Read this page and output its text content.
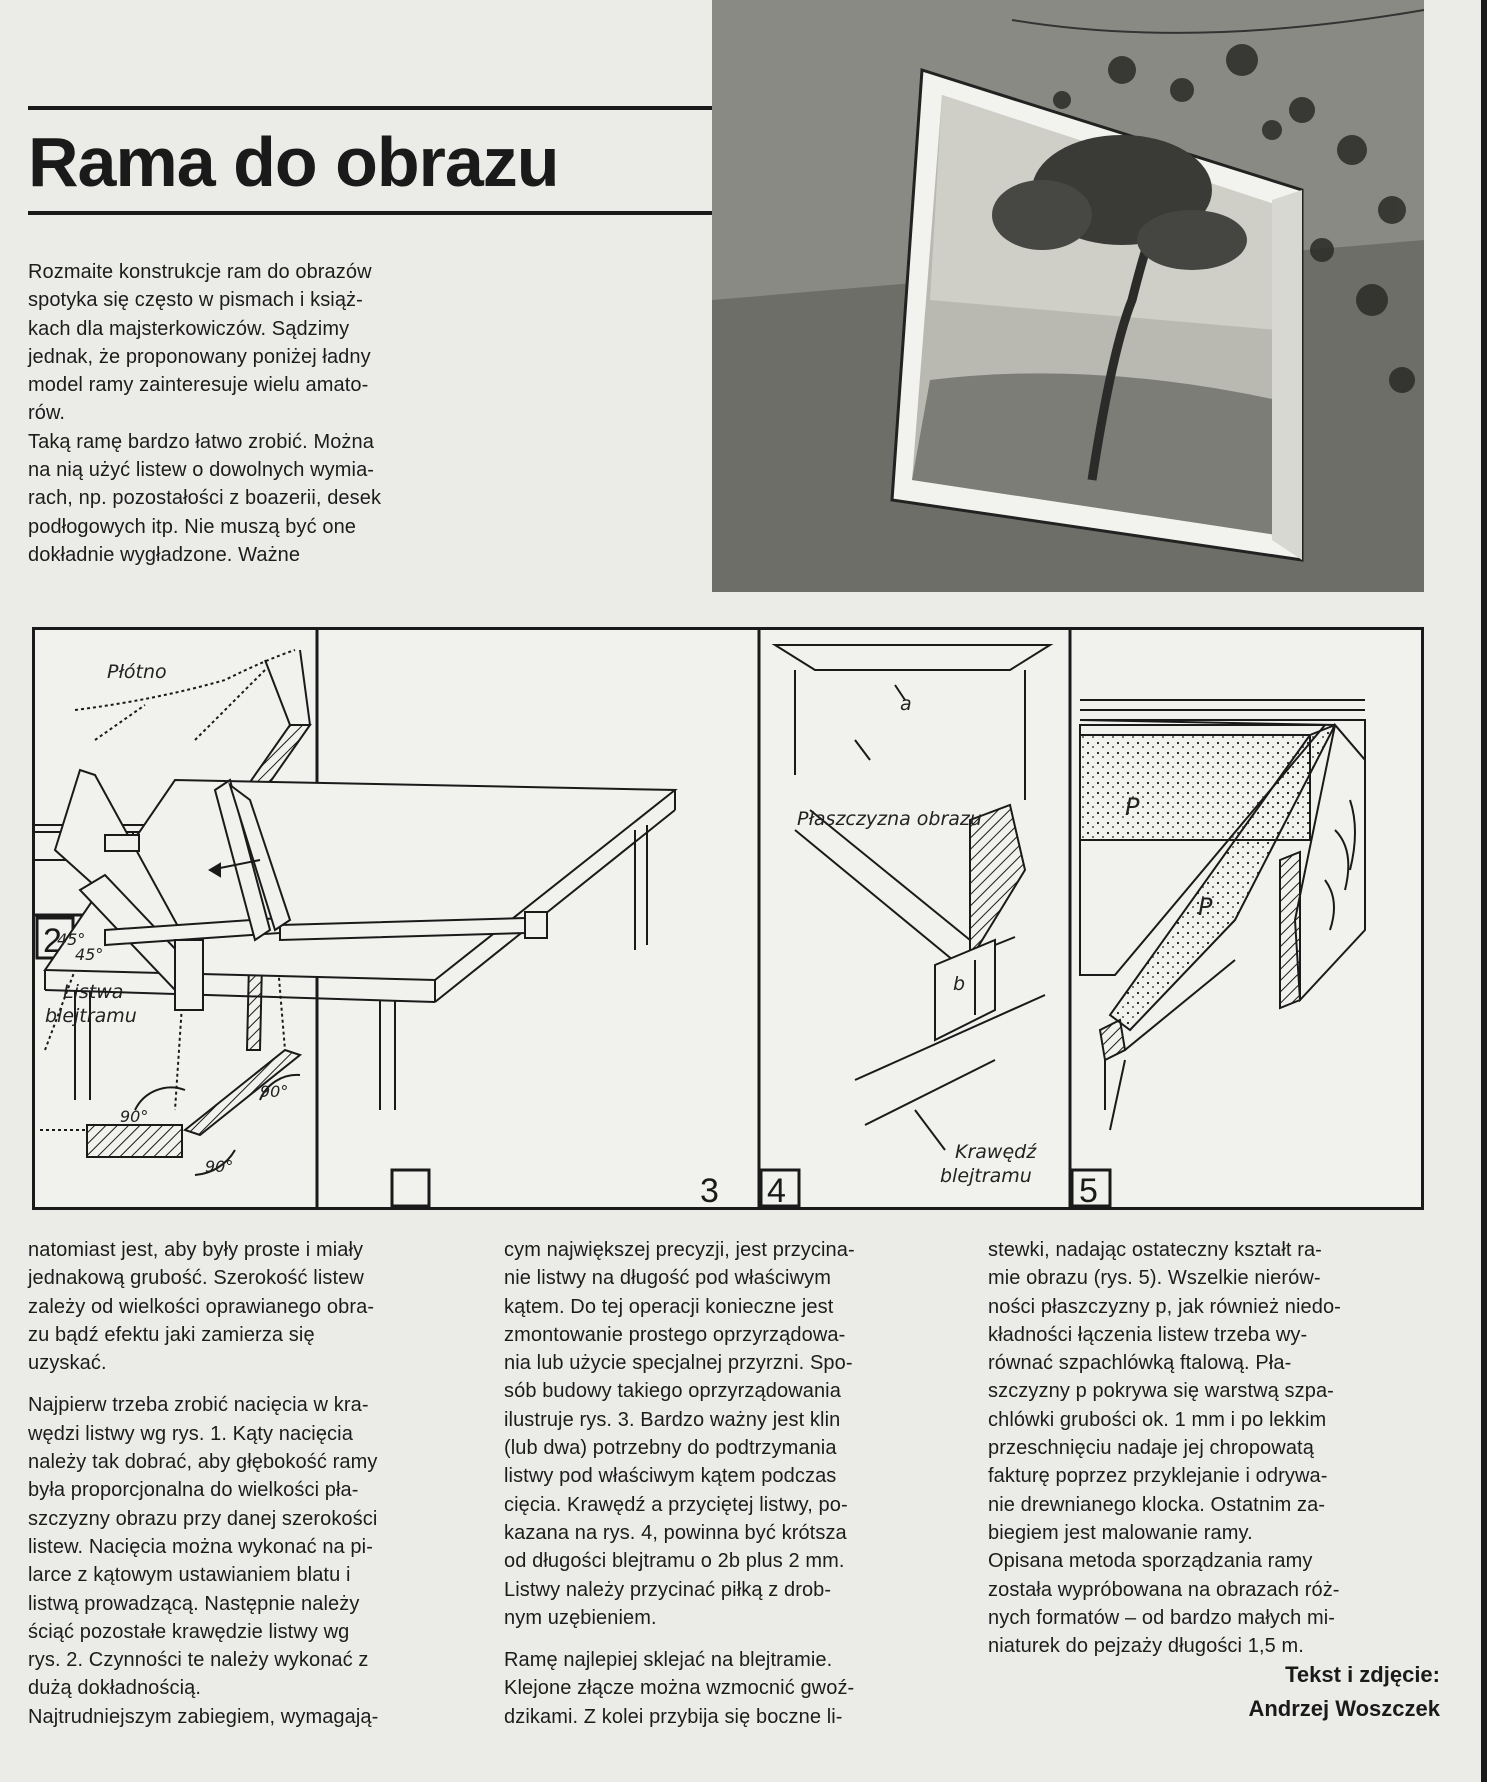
Rama do obrazu

Rozmaite konstrukcje ram do obrazów
spotyka się często w pismach i książ-
kach dla majsterkowiczów. Sądzimy
jednak, że proponowany poniżej ładny
model ramy zainteresuje wielu amato-
rów.

Taką ramę bardzo łatwo zrobić. Można
na nią użyć listew o dowolnych wymia-
rach, np. pozostałości z boazerii, desek
podłogowych itp. Nie muszą być one
dokładnie wygładzone. Ważne

Płótno
2
Listwa blejtramu
90°
90°
90°
45°
45°
3
a
Płaszczyzna obrazu
b
Krawędź blejtramu
4
P
P
5

natomiast jest, aby były proste i miały
jednakową grubość. Szerokość listew
zależy od wielkości oprawianego obra-
zu bądź efektu jaki zamierza się
uzyskać.

Najpierw trzeba zrobić nacięcia w kra-
wędzi listwy wg rys. 1. Kąty nacięcia
należy tak dobrać, aby głębokość ramy
była proporcjonalna do wielkości pła-
szczyzny obrazu przy danej szerokości
listew. Nacięcia można wykonać na pi-
larce z kątowym ustawianiem blatu i
listwą prowadzącą. Następnie należy
ściąć pozostałe krawędzie listwy wg
rys. 2. Czynności te należy wykonać z
dużą dokładnością.

Najtrudniejszym zabiegiem, wymagają-

cym największej precyzji, jest przycina-
nie listwy na długość pod właściwym
kątem. Do tej operacji konieczne jest
zmontowanie prostego oprzyrządowa-
nia lub użycie specjalnej przyrzni. Spo-
sób budowy takiego oprzyrządowania
ilustruje rys. 3. Bardzo ważny jest klin
(lub dwa) potrzebny do podtrzymania
listwy pod właściwym kątem podczas
cięcia. Krawędź a przyciętej listwy, po-
kazana na rys. 4, powinna być krótsza
od długości blejtramu o 2b plus 2 mm.
Listwy należy przycinać piłką z drob-
nym uzębieniem.

Ramę najlepiej sklejać na blejtramie.
Klejone złącze można wzmocnić gwoź-
dzikami. Z kolei przybija się boczne li-

stewki, nadając ostateczny kształt ra-
mie obrazu (rys. 5). Wszelkie nierów-
ności płaszczyzny p, jak również niedo-
kładności łączenia listew trzeba wy-
równać szpachlówką ftalową. Pła-
szczyzny p pokrywa się warstwą szpa-
chlówki grubości ok. 1 mm i po lekkim
przeschnięciu nadaje jej chropowatą
fakturę poprzez przyklejanie i odrywa-
nie drewnianego klocka. Ostatnim za-
biegiem jest malowanie ramy.
Opisana metoda sporządzania ramy
została wypróbowana na obrazach róż-
nych formatów – od bardzo małych mi-
niaturek do pejzaży długości 1,5 m.

Tekst i zdjęcie:
Andrzej Woszczek
